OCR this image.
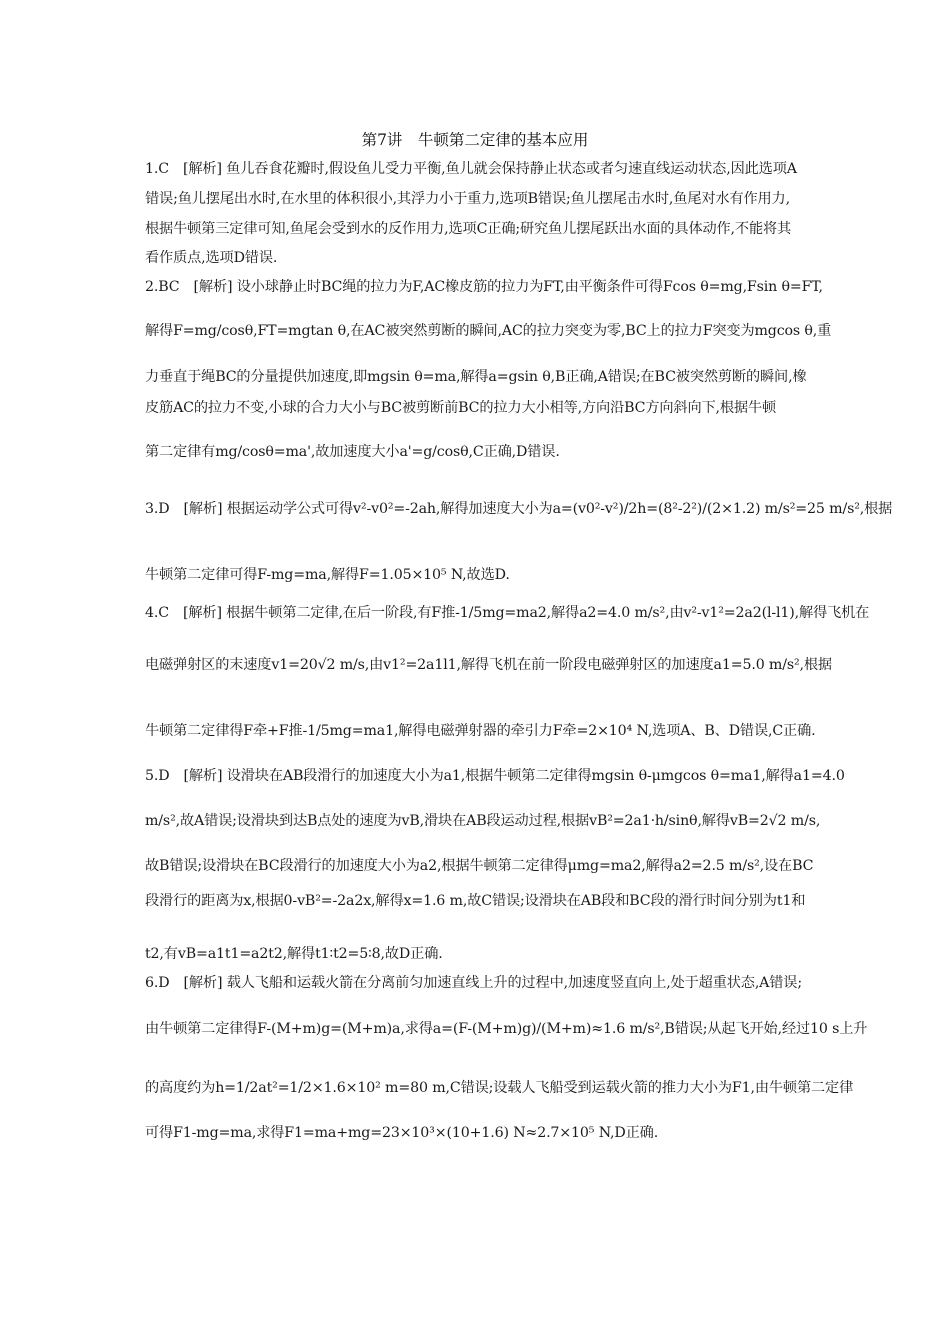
第7讲　牛顿第二定律的基本应用
1.C　[解析] 鱼儿吞食花瓣时,假设鱼儿受力平衡,鱼儿就会保持静止状态或者匀速直线运动状态,因此选项A
错误;鱼儿摆尾出水时,在水里的体积很小,其浮力小于重力,选项B错误;鱼儿摆尾击水时,鱼尾对水有作用力,
根据牛顿第三定律可知,鱼尾会受到水的反作用力,选项C正确;研究鱼儿摆尾跃出水面的具体动作,不能将其
看作质点,选项D错误.
2.BC　[解析] 设小球静止时BC绳的拉力为F,AC橡皮筋的拉力为FT,由平衡条件可得Fcos θ=mg,Fsin θ=FT,
解得F=mg/cosθ,FT=mgtan θ,在AC被突然剪断的瞬间,AC的拉力突变为零,BC上的拉力F突变为mgcos θ,重
力垂直于绳BC的分量提供加速度,即mgsin θ=ma,解得a=gsin θ,B正确,A错误;在BC被突然剪断的瞬间,橡
皮筋AC的拉力不变,小球的合力大小与BC被剪断前BC的拉力大小相等,方向沿BC方向斜向下,根据牛顿
第二定律有mg/cosθ=ma',故加速度大小a'=g/cosθ,C正确,D错误.
3.D　[解析] 根据运动学公式可得v²-v0²=-2ah,解得加速度大小为a=(v0²-v²)/2h=(8²-2²)/(2×1.2) m/s²=25 m/s²,根据
牛顿第二定律可得F-mg=ma,解得F=1.05×10⁵ N,故选D.
4.C　[解析] 根据牛顿第二定律,在后一阶段,有F推-1/5mg=ma2,解得a2=4.0 m/s²,由v²-v1²=2a2(l-l1),解得飞机在
电磁弹射区的末速度v1=20√2 m/s,由v1²=2a1l1,解得飞机在前一阶段电磁弹射区的加速度a1=5.0 m/s²,根据
牛顿第二定律得F牵+F推-1/5mg=ma1,解得电磁弹射器的牵引力F牵=2×10⁴ N,选项A、B、D错误,C正确.
5.D　[解析] 设滑块在AB段滑行的加速度大小为a1,根据牛顿第二定律得mgsin θ-μmgcos θ=ma1,解得a1=4.0
m/s²,故A错误;设滑块到达B点处的速度为vB,滑块在AB段运动过程,根据vB²=2a1·h/sinθ,解得vB=2√2 m/s,
故B错误;设滑块在BC段滑行的加速度大小为a2,根据牛顿第二定律得μmg=ma2,解得a2=2.5 m/s²,设在BC
段滑行的距离为x,根据0-vB²=-2a2x,解得x=1.6 m,故C错误;设滑块在AB段和BC段的滑行时间分别为t1和
t2,有vB=a1t1=a2t2,解得t1∶t2=5∶8,故D正确.
6.D　[解析] 载人飞船和运载火箭在分离前匀加速直线上升的过程中,加速度竖直向上,处于超重状态,A错误;
由牛顿第二定律得F-(M+m)g=(M+m)a,求得a=(F-(M+m)g)/(M+m)≈1.6 m/s²,B错误;从起飞开始,经过10 s上升
的高度约为h=1/2at²=1/2×1.6×10² m=80 m,C错误;设载人飞船受到运载火箭的推力大小为F1,由牛顿第二定律
可得F1-mg=ma,求得F1=ma+mg=23×10³×(10+1.6) N≈2.7×10⁵ N,D正确.
